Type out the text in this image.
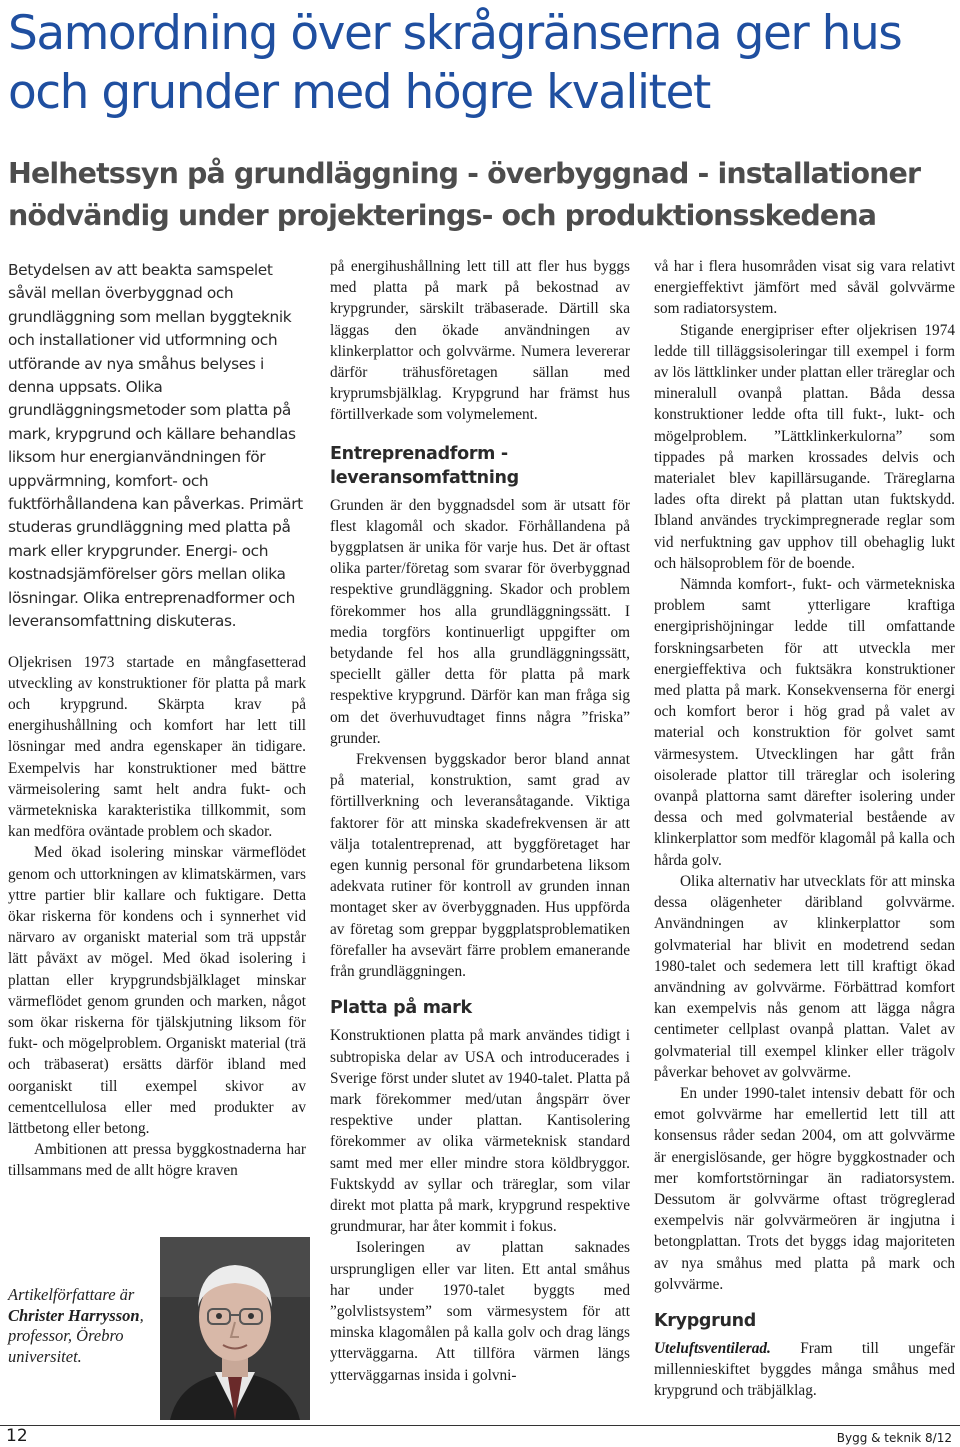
Samordning över skrågränserna ger hus och grunder med högre kvalitet
Helhetssyn på grundläggning - överbyggnad - installationer nödvändig under projekterings- och produktionsskedena

Betydelsen av att beakta samspelet såväl mellan överbyggnad och grundläggning som mellan byggteknik och installationer vid utformning och utförande av nya småhus belyses i denna uppsats. Olika grundläggningsmetoder som platta på mark, krypgrund och källare behandlas liksom hur energianvändningen för uppvärmning, komfort- och fuktförhållandena kan påverkas. Primärt studeras grundläggning med platta på mark eller krypgrunder. Energi- och kostnadsjämförelser görs mellan olika lösningar. Olika entreprenadformer och leveransomfattning diskuteras.

Oljekrisen 1973 startade en mångfasetterad utveckling av konstruktioner för platta på mark och krypgrund. Skärpta krav på energihushållning och komfort har lett till lösningar med andra egenskaper än tidigare. Exempelvis har konstruktioner med bättre värmeisolering samt helt andra fukt- och värmetekniska karakteristika tillkommit, som kan medföra oväntade problem och skador.

Med ökad isolering minskar värmeflödet genom och uttorkningen av klimatskärmen, vars yttre partier blir kallare och fuktigare. Detta ökar riskerna för kondens och i synnerhet vid närvaro av organiskt material som trä uppstår lätt påväxt av mögel. Med ökad isolering i plattan eller krypgrundsbjälklaget minskar värmeflödet genom grunden och marken, något som ökar riskerna för tjälskjutning liksom för fukt- och mögelproblem. Organiskt material (trä och träbaserat) ersätts därför ibland med oorganiskt till exempel skivor av cementcellulosa eller med produkter av lättbetong eller betong.

Ambitionen att pressa byggkostnaderna har tillsammans med de allt högre kraven

på energihushållning lett till att fler hus byggs med platta på mark på bekostnad av krypgrunder, särskilt träbaserade. Därtill ska läggas den ökade användningen av klinkerplattor och golvvärme. Numera levererar därför trähusföretagen sällan med kryprumsbjälklag. Krypgrund har främst hus förtillverkade som volymelement.

Entreprenadform - leveransomfattning

Grunden är den byggnadsdel som är utsatt för flest klagomål och skador. Förhållandena på byggplatsen är unika för varje hus. Det är oftast olika parter/företag som svarar för överbyggnad respektive grundläggning. Skador och problem förekommer hos alla grundläggningssätt. I media torgförs kontinuerligt uppgifter om betydande fel hos alla grundläggningssätt, speciellt gäller detta för platta på mark respektive krypgrund. Därför kan man fråga sig om det överhuvudtaget finns några ”friska” grunder.

Frekvensen byggskador beror bland annat på material, konstruktion, samt grad av förtillverkning och leveransåtagande. Viktiga faktorer för att minska skadefrekvensen är att välja totalentreprenad, att byggföretaget har egen kunnig personal för grundarbetena liksom adekvata rutiner för kontroll av grunden innan montaget sker av överbyggnaden. Hus uppförda av företag som greppar byggplatsproblematiken förefaller ha avsevärt färre problem emanerande från grundläggningen.

Platta på mark

Konstruktionen platta på mark användes tidigt i subtropiska delar av USA och introducerades i Sverige först under slutet av 1940-talet. Platta på mark förekommer med/utan ångspärr över respektive under plattan. Kantisolering förekommer av olika värmeteknisk standard samt med mer eller mindre stora köldbryggor. Fuktskydd av syllar och träreglar, som vilar direkt mot platta på mark, krypgrund respektive grundmurar, har åter kommit i fokus.

Isoleringen av plattan saknades ursprungligen eller var liten. Ett antal småhus har under 1970-talet byggts med ”golvlistsystem” som värmesystem för att minska klagomålen på kalla golv och drag längs ytterväggarna. Att tillföra värmen längs ytterväggarnas insida i golvni-

vå har i flera husområden visat sig vara relativt energieffektivt jämfört med såväl golvvärme som radiatorsystem.

Stigande energipriser efter oljekrisen 1974 ledde till tilläggsisoleringar till exempel i form av lös lättklinker under plattan eller träreglar och mineralull ovanpå plattan. Båda dessa konstruktioner ledde ofta till fukt-, lukt- och mögelproblem. ”Lättklinkerkulorna” som tippades på marken krossades delvis och materialet blev kapillärsugande. Träreglarna lades ofta direkt på plattan utan fuktskydd. Ibland användes tryckimpregnerade reglar som vid nerfuktning gav upphov till obehaglig lukt och hälsoproblem för de boende.

Nämnda komfort-, fukt- och värmetekniska problem samt ytterligare kraftiga energiprishöjningar ledde till omfattande forskningsarbeten för att utveckla mer energieffektiva och fuktsäkra konstruktioner med platta på mark. Konsekvenserna för energi och komfort beror i hög grad på valet av material och konstruktion för golvet samt värmesystem. Utvecklingen har gått från oisolerade plattor till träreglar och isolering ovanpå plattorna samt därefter isolering under dessa och med golvmaterial bestående av klinkerplattor som medför klagomål på kalla och hårda golv.

Olika alternativ har utvecklats för att minska dessa olägenheter däribland golvvärme. Användningen av klinkerplattor som golvmaterial har blivit en modetrend sedan 1980-talet och sedemera lett till kraftigt ökad användning av golvvärme. Förbättrad komfort kan exempelvis nås genom att lägga några centimeter cellplast ovanpå plattan. Valet av golvmaterial till exempel klinker eller trägolv påverkar behovet av golvvärme.

En under 1990-talet intensiv debatt för och emot golvvärme har emellertid lett till att konsensus råder sedan 2004, om att golvvärme är energislösande, ger högre byggkostnader och mer komfortstörningar än radiatorsystem. Dessutom är golvvärme oftast trögreglerad exempelvis när golvvärmeören är ingjutna i betongplattan. Trots det byggs idag majoriteten av nya småhus med platta på mark och golvvärme.

Krypgrund

Uteluftsventilerad. Fram till ungefär millennieskiftet byggdes många småhus med krypgrund och träbjälklag.

Artikelförfattare är Christer Harrysson, professor, Örebro universitet.
12	Bygg & teknik 8/12
